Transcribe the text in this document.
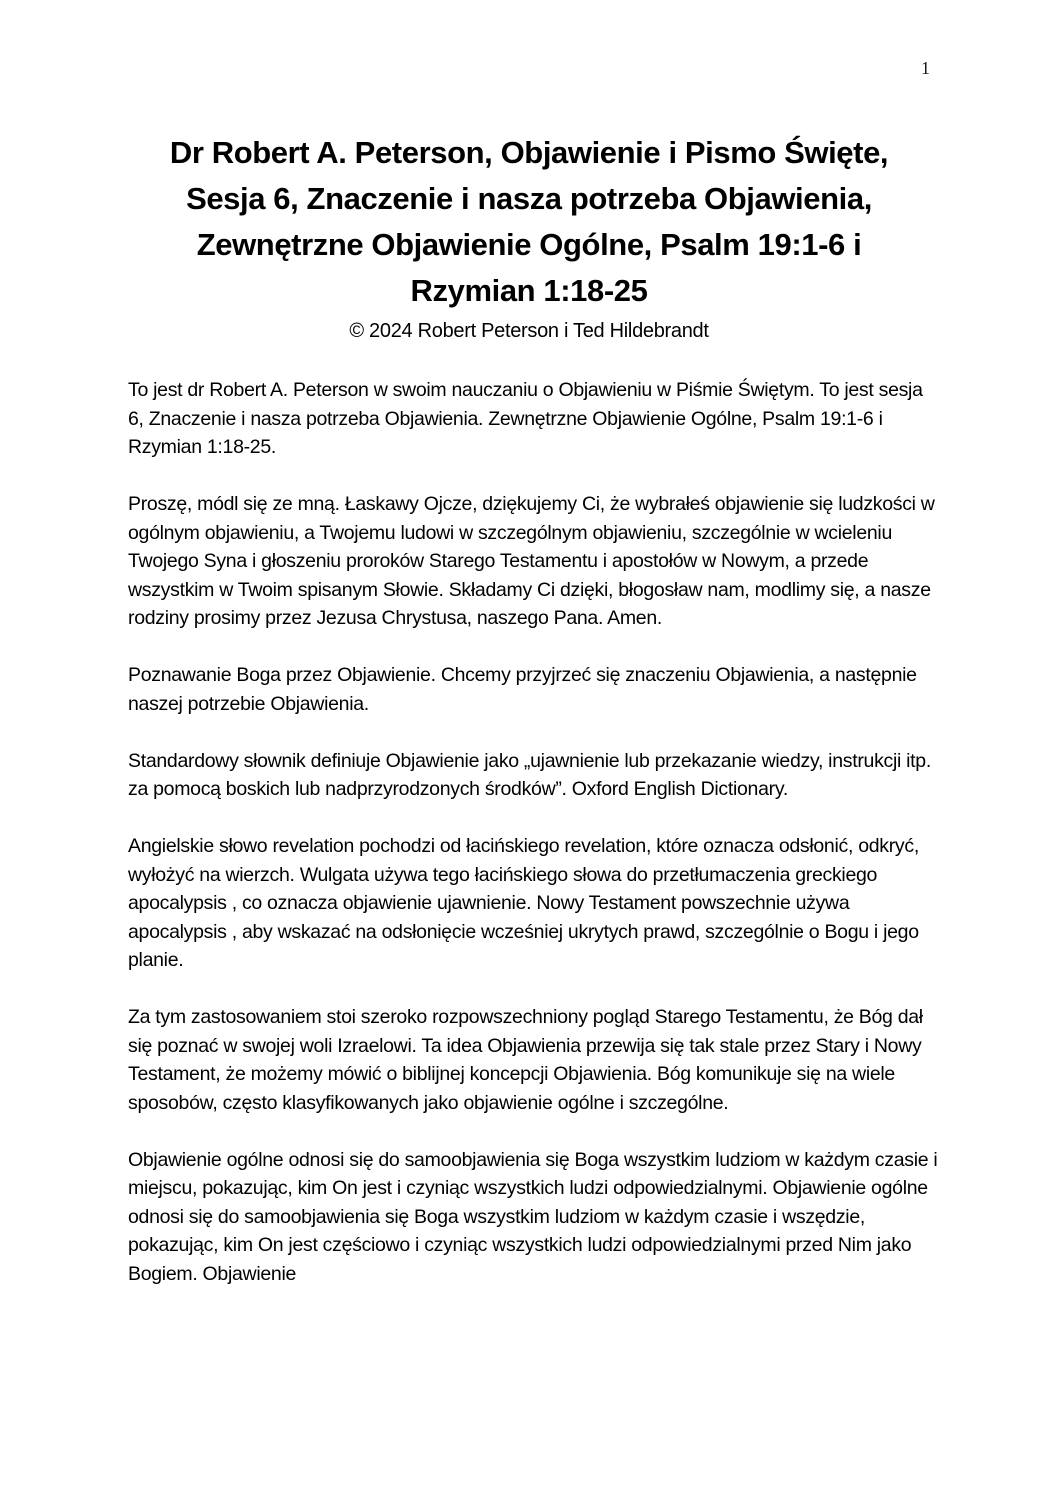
1
Dr Robert A. Peterson, Objawienie i Pismo Święte,
Sesja 6, Znaczenie i nasza potrzeba Objawienia,
Zewnętrzne Objawienie Ogólne, Psalm 19:1-6 i
Rzymian 1:18-25
© 2024 Robert Peterson i Ted Hildebrandt

To jest dr Robert A. Peterson w swoim nauczaniu o Objawieniu w Piśmie Świętym. To jest sesja 6, Znaczenie i nasza potrzeba Objawienia. Zewnętrzne Objawienie Ogólne, Psalm 19:1-6 i Rzymian 1:18-25.

Proszę, módl się ze mną. Łaskawy Ojcze, dziękujemy Ci, że wybrałeś objawienie się ludzkości w ogólnym objawieniu, a Twojemu ludowi w szczególnym objawieniu, szczególnie w wcieleniu Twojego Syna i głoszeniu proroków Starego Testamentu i apostołów w Nowym, a przede wszystkim w Twoim spisanym Słowie. Składamy Ci dzięki, błogosław nam, modlimy się, a nasze rodziny prosimy przez Jezusa Chrystusa, naszego Pana. Amen.

Poznawanie Boga przez Objawienie. Chcemy przyjrzeć się znaczeniu Objawienia, a następnie naszej potrzebie Objawienia.

Standardowy słownik definiuje Objawienie jako „ujawnienie lub przekazanie wiedzy, instrukcji itp. za pomocą boskich lub nadprzyrodzonych środków”. Oxford English Dictionary.

Angielskie słowo revelation pochodzi od łacińskiego revelation, które oznacza odsłonić, odkryć, wyłożyć na wierzch. Wulgata używa tego łacińskiego słowa do przetłumaczenia greckiego apocalypsis , co oznacza objawienie ujawnienie. Nowy Testament powszechnie używa apocalypsis , aby wskazać na odsłonięcie wcześniej ukrytych prawd, szczególnie o Bogu i jego planie.

Za tym zastosowaniem stoi szeroko rozpowszechniony pogląd Starego Testamentu, że Bóg dał się poznać w swojej woli Izraelowi. Ta idea Objawienia przewija się tak stale przez Stary i Nowy Testament, że możemy mówić o biblijnej koncepcji Objawienia. Bóg komunikuje się na wiele sposobów, często klasyfikowanych jako objawienie ogólne i szczególne.

Objawienie ogólne odnosi się do samoobjawienia się Boga wszystkim ludziom w każdym czasie i miejscu, pokazując, kim On jest i czyniąc wszystkich ludzi odpowiedzialnymi. Objawienie ogólne odnosi się do samoobjawienia się Boga wszystkim ludziom w każdym czasie i wszędzie, pokazując, kim On jest częściowo i czyniąc wszystkich ludzi odpowiedzialnymi przed Nim jako Bogiem. Objawienie
